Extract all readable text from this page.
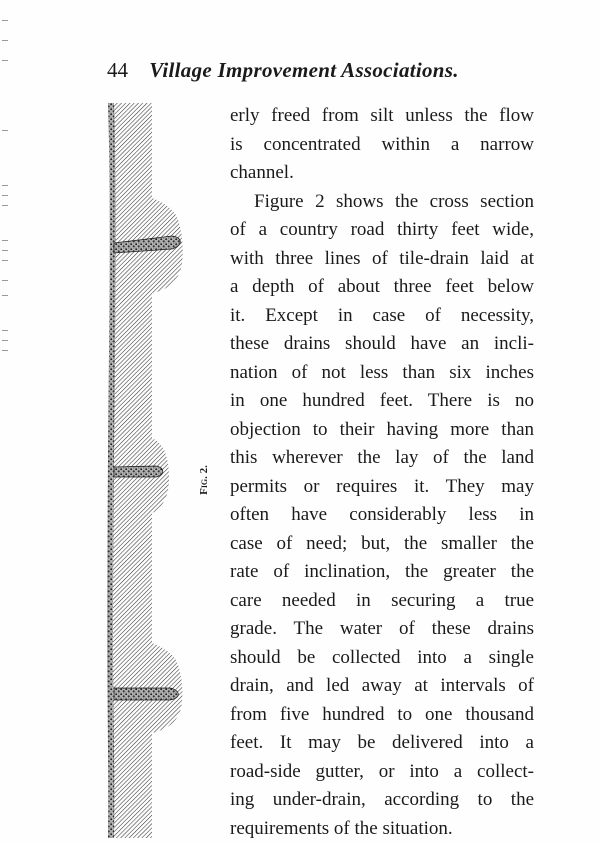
44 Village Improvement Associations.
Fig. 2.
erly freed from silt unless the flow
is concentrated within a narrow
channel.
Figure 2 shows the cross section
of a country road thirty feet wide,
with three lines of tile-drain laid at
a depth of about three feet below
it. Except in case of necessity,
these drains should have an incli-
nation of not less than six inches
in one hundred feet. There is no
objection to their having more than
this wherever the lay of the land
permits or requires it. They may
often have considerably less in
case of need; but, the smaller the
rate of inclination, the greater the
care needed in securing a true
grade. The water of these drains
should be collected into a single
drain, and led away at intervals of
from five hundred to one thousand
feet. It may be delivered into a
road-side gutter, or into a collect-
ing under-drain, according to the
requirements of the situation.
